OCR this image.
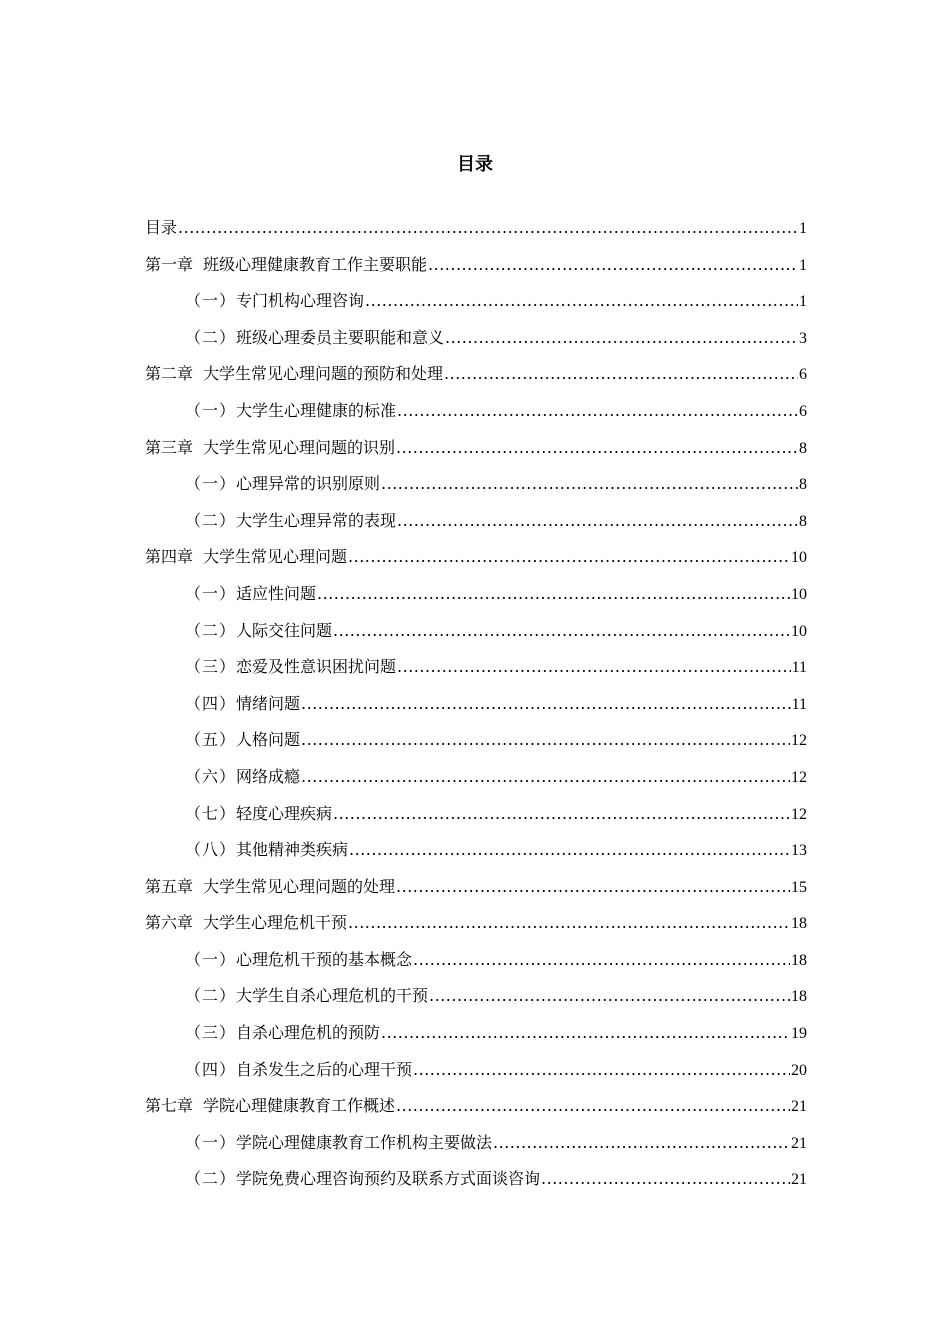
目录
目录 .....	1
第一章 班级心理健康教育工作主要职能 .....	1
（一） 专门机构心理咨询 .....	1
（二） 班级心理委员主要职能和意义 .....	3
第二章 大学生常见心理问题的预防和处理 .....	6
（一） 大学生心理健康的标准 .....	6
第三章 大学生常见心理问题的识别 .....	8
（一） 心理异常的识别原则 .....	8
（二） 大学生心理异常的表现 .....	8
第四章 大学生常见心理问题 .....	10
（一） 适应性问题 .....	10
（二） 人际交往问题 .....	10
（三） 恋爱及性意识困扰问题 .....	11
（四） 情绪问题 .....	11
（五） 人格问题 .....	12
（六） 网络成瘾 .....	12
（七） 轻度心理疾病 .....	12
（八） 其他精神类疾病 .....	13
第五章 大学生常见心理问题的处理 .....	15
第六章 大学生心理危机干预 .....	18
（一） 心理危机干预的基本概念 .....	18
（二） 大学生自杀心理危机的干预 .....	18
（三） 自杀心理危机的预防 .....	19
（四） 自杀发生之后的心理干预 .....	20
第七章 学院心理健康教育工作概述 .....	21
（一） 学院心理健康教育工作机构主要做法 .....	21
（二） 学院免费心理咨询预约及联系方式面谈咨询 .....	21
